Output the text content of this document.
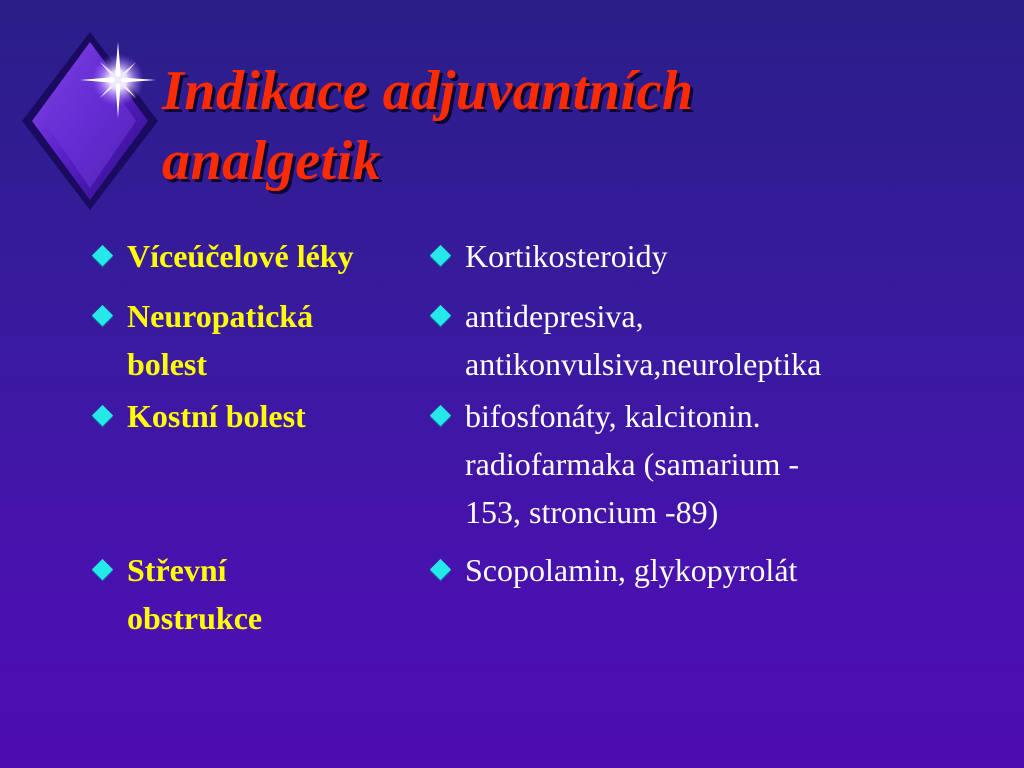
Indikace adjuvantních
analgetik
Víceúčelové léky
Neuropatická
bolest
Kostní bolest
Střevní
obstrukce
Kortikosteroidy
antidepresiva,
antikonvulsiva,neuroleptika
bifosfonáty, kalcitonin.
radiofarmaka (samarium -
153, stroncium -89)
Scopolamin, glykopyrolát
